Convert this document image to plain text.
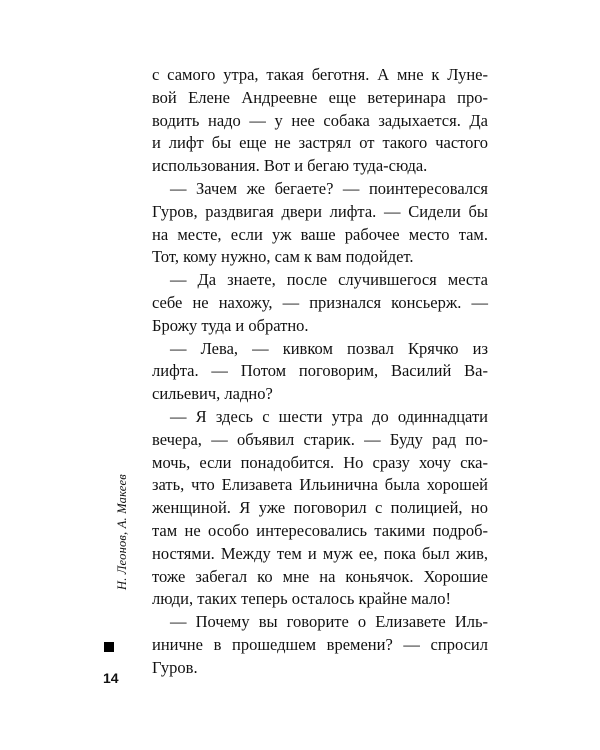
с самого утра, такая беготня. А мне к Луне-
вой Елене Андреевне еще ветеринара про-
водить надо — у нее собака задыхается. Да
и лифт бы еще не застрял от такого частого
использования. Вот и бегаю туда-сюда.
— Зачем же бегаете? — поинтересовался
Гуров, раздвигая двери лифта. — Сидели бы
на месте, если уж ваше рабочее место там.
Тот, кому нужно, сам к вам подойдет.
— Да знаете, после случившегося места
себе не нахожу, — признался консьерж. —
Брожу туда и обратно.
— Лева, — кивком позвал Крячко из
лифта. — Потом поговорим, Василий Ва-
сильевич, ладно?
— Я здесь с шести утра до одиннадцати
вечера, — объявил старик. — Буду рад по-
мочь, если понадобится. Но сразу хочу ска-
зать, что Елизавета Ильинична была хорошей
женщиной. Я уже поговорил с полицией, но
там не особо интересовались такими подроб-
ностями. Между тем и муж ее, пока был жив,
тоже забегал ко мне на коньячок. Хорошие
люди, таких теперь осталось крайне мало!
— Почему вы говорите о Елизавете Иль-
иничне в прошедшем времени? — спросил
Гуров.
Н. Леонов, А. Макеев
14
